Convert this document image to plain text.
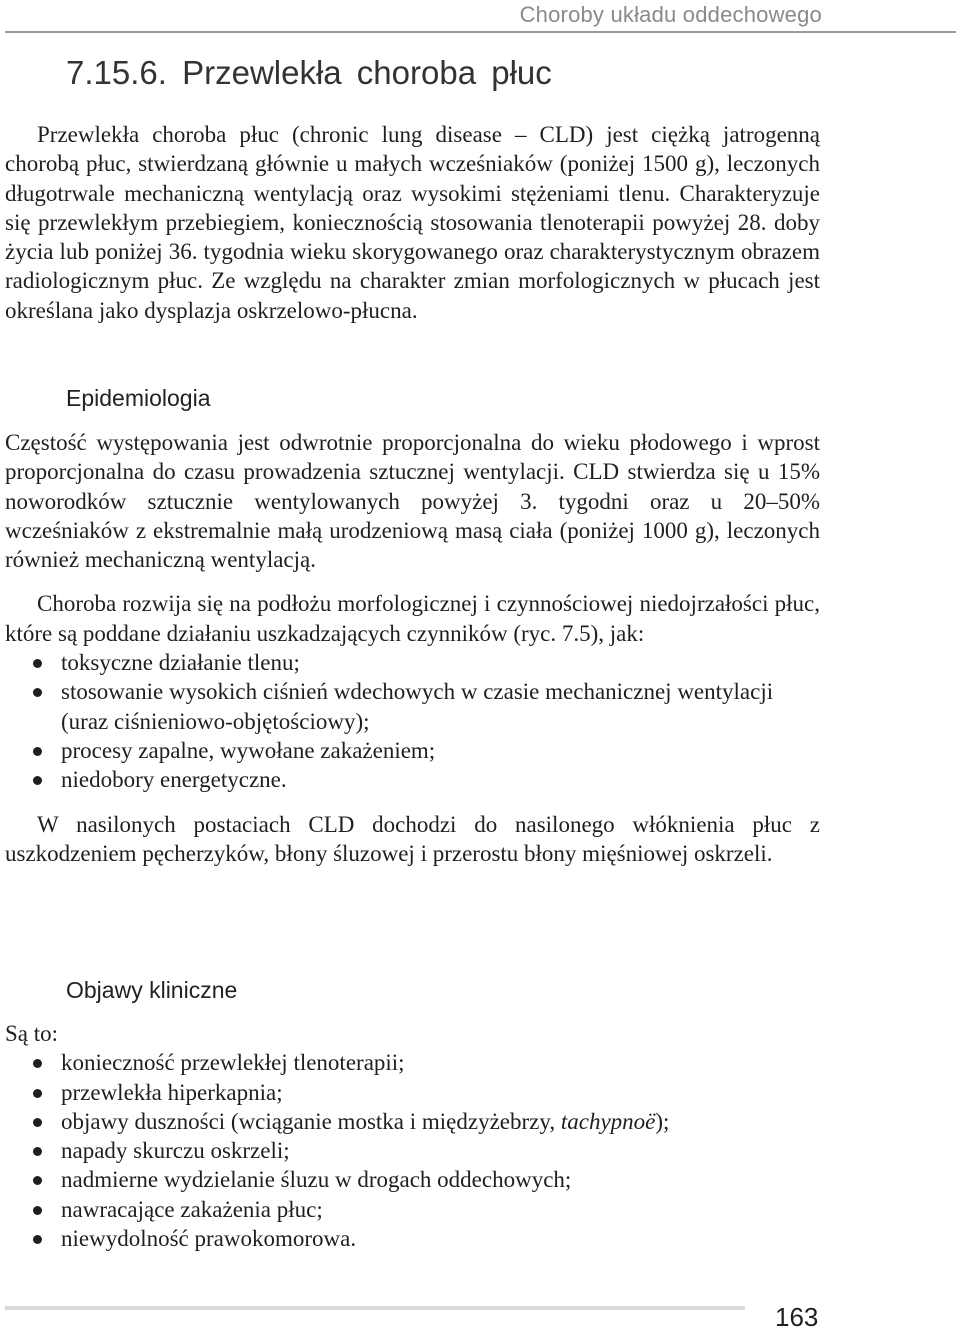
Choroby układu oddechowego
7.15.6. Przewlekła choroba płuc

Przewlekła choroba płuc (chronic lung disease – CLD) jest ciężką jatrogenną chorobą płuc, stwierdzaną głównie u małych wcześniaków (poniżej 1500 g), leczonych długotrwale mechaniczną wentylacją oraz wysokimi stężeniami tlenu. Charakteryzuje się przewlekłym przebiegiem, koniecznością stosowania tlenoterapii powyżej 28. doby życia lub poniżej 36. tygodnia wieku skorygowanego oraz charakterystycznym obrazem radiologicznym płuc. Ze względu na charakter zmian morfologicznych w płucach jest określana jako dysplazja oskrzelowo-płucna.

Epidemiologia

Częstość występowania jest odwrotnie proporcjonalna do wieku płodowego i wprost proporcjonalna do czasu prowadzenia sztucznej wentylacji. CLD stwierdza się u 15% noworodków sztucznie wentylowanych powyżej 3. tygodni oraz u 20–50% wcześniaków z ekstremalnie małą urodzeniową masą ciała (poniżej 1000 g), leczonych również mechaniczną wentylacją.

Choroba rozwija się na podłożu morfologicznej i czynnościowej niedojrzałości płuc, które są poddane działaniu uszkadzających czynników (ryc. 7.5), jak:

toksyczne działanie tlenu;
stosowanie wysokich ciśnień wdechowych w czasie mechanicznej wentylacji (uraz ciśnieniowo-objętościowy);
procesy zapalne, wywołane zakażeniem;
niedobory energetyczne.

W nasilonych postaciach CLD dochodzi do nasilonego włóknienia płuc z uszkodzeniem pęcherzyków, błony śluzowej i przerostu błony mięśniowej oskrzeli.

Objawy kliniczne

Są to:

konieczność przewlekłej tlenoterapii;
przewlekła hiperkapnia;
objawy duszności (wciąganie mostka i międzyżebrzy, tachypnoë);
napady skurczu oskrzeli;
nadmierne wydzielanie śluzu w drogach oddechowych;
nawracające zakażenia płuc;
niewydolność prawokomorowa.
163
